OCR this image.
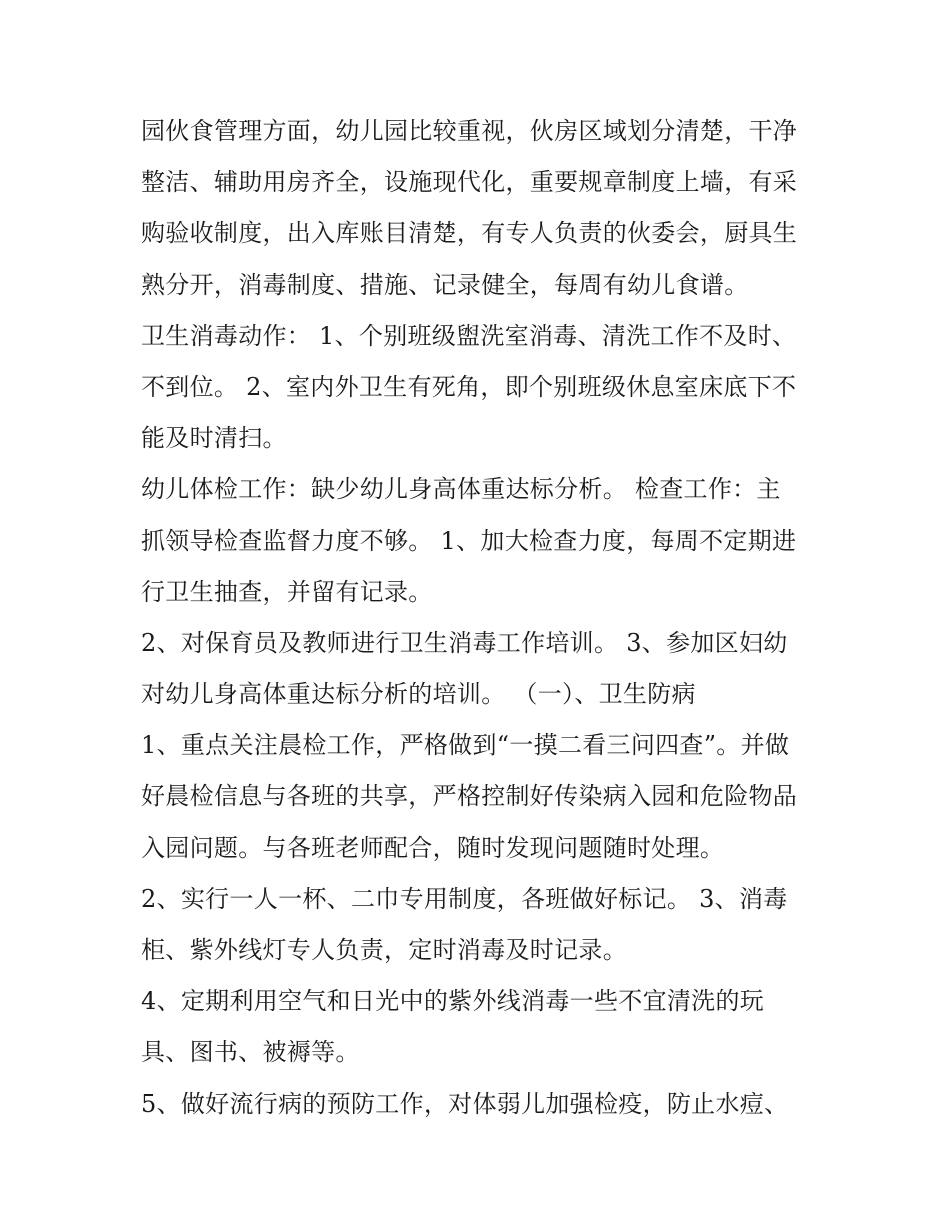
园伙食管理方面，幼儿园比较重视，伙房区域划分清楚，干净
整洁、辅助用房齐全，设施现代化，重要规章制度上墙，有采
购验收制度，出入库账目清楚，有专人负责的伙委会，厨具生
熟分开，消毒制度、措施、记录健全，每周有幼儿食谱。
卫生消毒动作： 1、个别班级盥洗室消毒、清洗工作不及时、
不到位。 2、室内外卫生有死角，即个别班级休息室床底下不
能及时清扫。
幼儿体检工作：缺少幼儿身高体重达标分析。 检查工作：主
抓领导检查监督力度不够。 1、加大检查力度，每周不定期进
行卫生抽查，并留有记录。
2、对保育员及教师进行卫生消毒工作培训。 3、参加区妇幼
对幼儿身高体重达标分析的培训。 （一）、卫生防病
1、重点关注晨检工作，严格做到“一摸二看三问四查”。并做
好晨检信息与各班的共享，严格控制好传染病入园和危险物品
入园问题。与各班老师配合，随时发现问题随时处理。
2、实行一人一杯、二巾专用制度，各班做好标记。 3、消毒
柜、紫外线灯专人负责，定时消毒及时记录。
4、定期利用空气和日光中的紫外线消毒一些不宜清洗的玩
具、图书、被褥等。
5、做好流行病的预防工作，对体弱儿加强检疫，防止水痘、
